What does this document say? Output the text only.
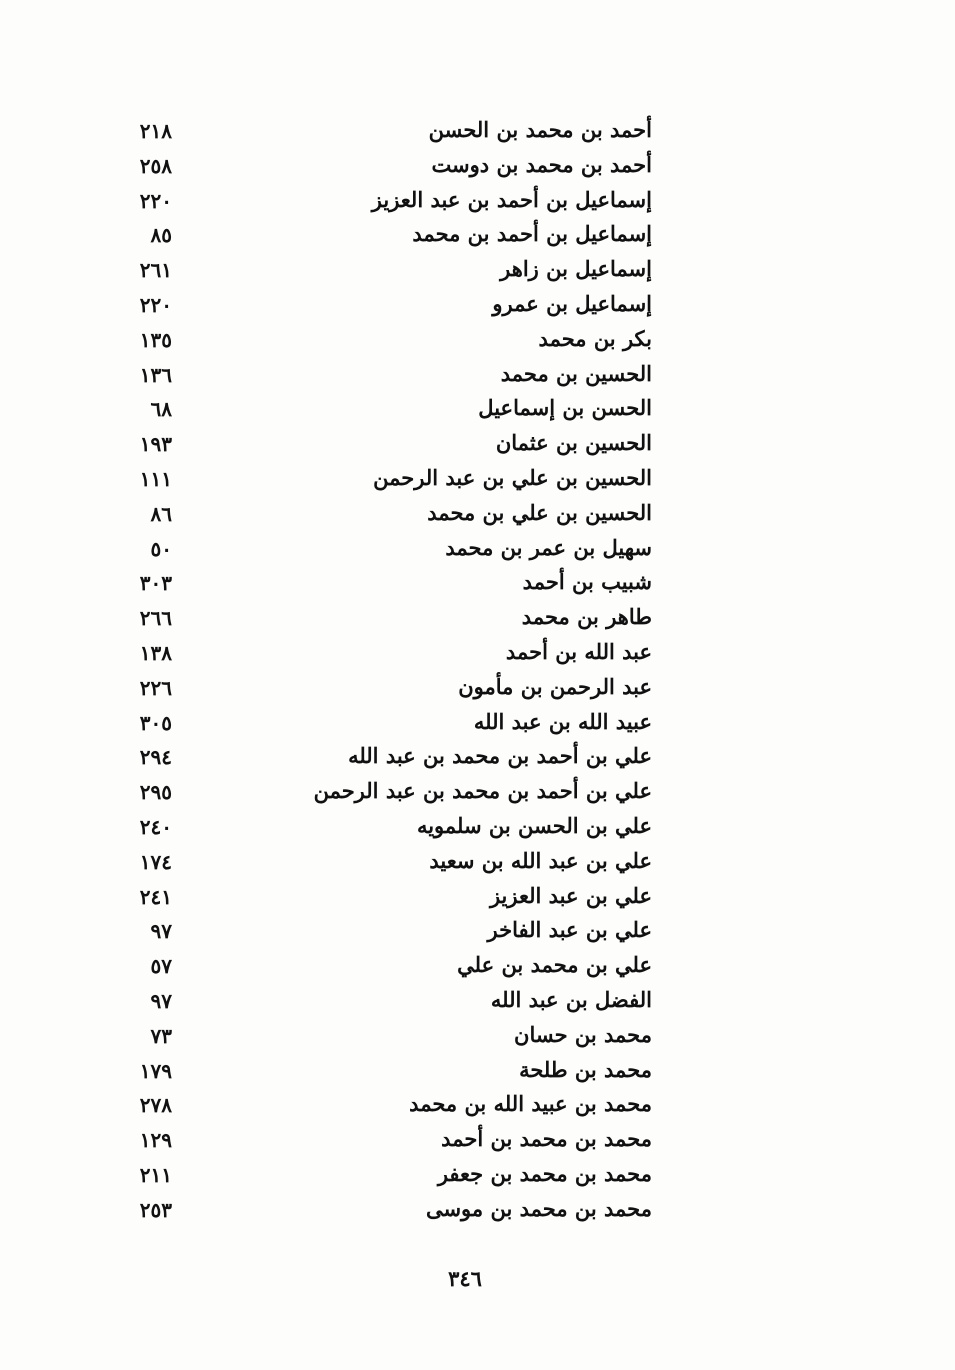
أحمد بن محمد بن الحسن
٢١٨
أحمد بن محمد بن دوست
٢٥٨
إسماعيل بن أحمد بن عبد العزيز
٢٢٠
إسماعيل بن أحمد بن محمد
٨٥
إسماعيل بن زاهر
٢٦١
إسماعيل بن عمرو
٢٢٠
بكر بن محمد
١٣٥
الحسين بن محمد
١٣٦
الحسن بن إسماعيل
٦٨
الحسين بن عثمان
١٩٣
الحسين بن علي بن عبد الرحمن
١١١
الحسين بن علي بن محمد
٨٦
سهيل بن عمر بن محمد
٥٠
شبيب بن أحمد
٣٠٣
طاهر بن محمد
٢٦٦
عبد الله بن أحمد
١٣٨
عبد الرحمن بن مأمون
٢٢٦
عبيد الله بن عبد الله
٣٠٥
علي بن أحمد بن محمد بن عبد الله
٢٩٤
علي بن أحمد بن محمد بن عبد الرحمن
٢٩٥
علي بن الحسن بن سلمويه
٢٤٠
علي بن عبد الله بن سعيد
١٧٤
علي بن عبد العزيز
٢٤١
علي بن عبد الفاخر
٩٧
علي بن محمد بن علي
٥٧
الفضل بن عبد الله
٩٧
محمد بن حسان
٧٣
محمد بن طلحة
١٧٩
محمد بن عبيد الله بن محمد
٢٧٨
محمد بن محمد بن أحمد
١٢٩
محمد بن محمد بن جعفر
٢١١
محمد بن محمد بن موسى
٢٥٣
٣٤٦
